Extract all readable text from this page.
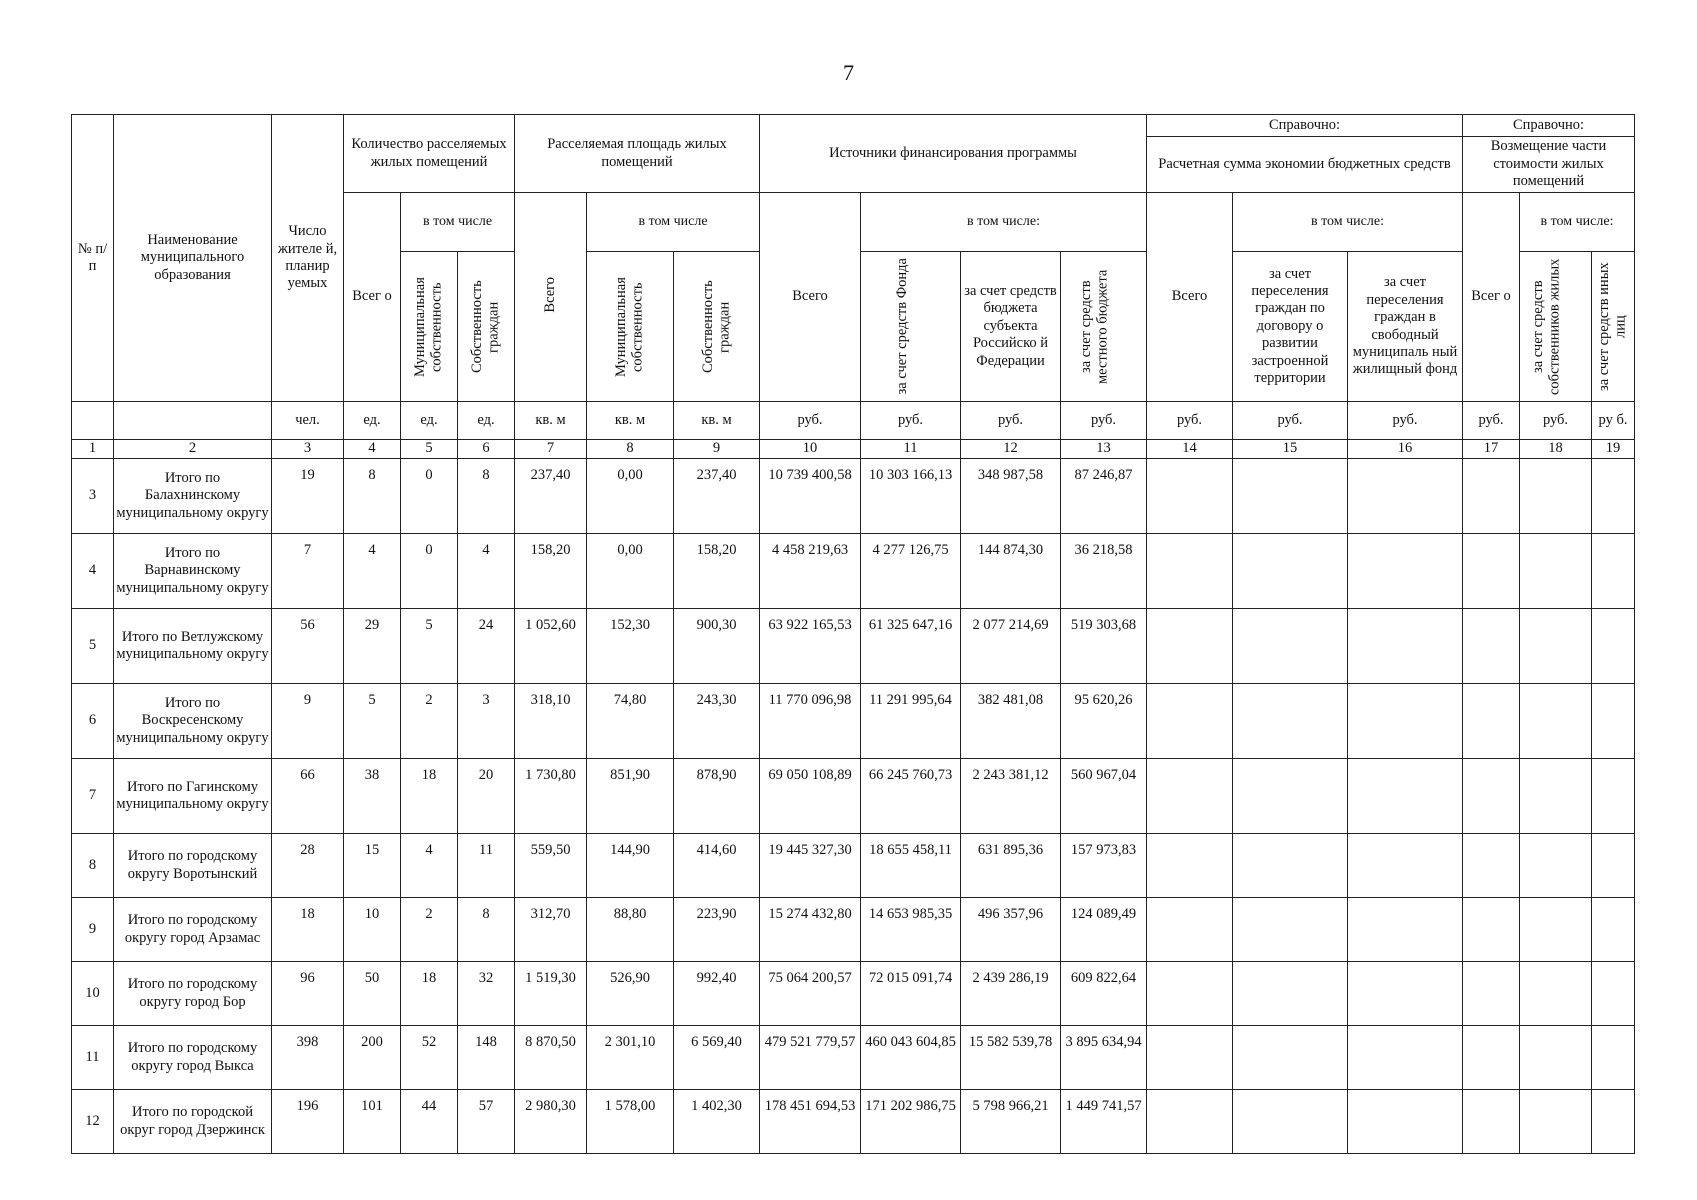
7
№ п/ п	Наименование муниципального образования	Число жителе й, планир уемых	Количество расселяемых жилых помещений			Расселяемая площадь жилых помещений			Источники финансирования программы				Справочно:			Справочно:		
													Расчетная сумма экономии бюджетных средств			Возмещение части стоимости жилых помещений		
			Всег о	в том числе		Всего	в том числе		Всего	в том числе:			Всего	в том числе:		Всег о	в том числе:	

				Муниципальная собственность	Собственность граждан		Муниципальная собственность	Собственность граждан		за счет средств Фонда	за счет средств бюджета субъекта Российско й Федерации	за счет средств местного бюджета		за счет переселения граждан по договору о развитии застроенной территории	за счет переселения граждан в свободный муниципаль ный жилищный фонд		за счет средств собственников жилых	за счет средств иных лиц

		чел.	ед.	ед.	ед.	кв. м	кв. м	кв. м	руб.	руб.	руб.	руб.	руб.	руб.	руб.	руб.	руб.	ру б.
1	2	3	4	5	6	7	8	9	10	11	12	13	14	15	16	17	18	19
3	Итого по Балахнинскому муниципальному округу	19	8	0	8	237,40	0,00	237,40	10 739 400,58	10 303 166,13	348 987,58	87 246,87						
4	Итого по Варнавинскому муниципальному округу	7	4	0	4	158,20	0,00	158,20	4 458 219,63	4 277 126,75	144 874,30	36 218,58						
5	Итого по Ветлужскому муниципальному округу	56	29	5	24	1 052,60	152,30	900,30	63 922 165,53	61 325 647,16	2 077 214,69	519 303,68						
6	Итого по Воскресенскому муниципальному округу	9	5	2	3	318,10	74,80	243,30	11 770 096,98	11 291 995,64	382 481,08	95 620,26						
7	Итого по Гагинскому муниципальному округу	66	38	18	20	1 730,80	851,90	878,90	69 050 108,89	66 245 760,73	2 243 381,12	560 967,04						
8	Итого по городскому округу Воротынский	28	15	4	11	559,50	144,90	414,60	19 445 327,30	18 655 458,11	631 895,36	157 973,83						
9	Итого по городскому округу город Арзамас	18	10	2	8	312,70	88,80	223,90	15 274 432,80	14 653 985,35	496 357,96	124 089,49						
10	Итого по городскому округу город Бор	96	50	18	32	1 519,30	526,90	992,40	75 064 200,57	72 015 091,74	2 439 286,19	609 822,64						
11	Итого по городскому округу город Выкса	398	200	52	148	8 870,50	2 301,10	6 569,40	479 521 779,57	460 043 604,85	15 582 539,78	3 895 634,94						
12	Итого по городской округ город Дзержинск	196	101	44	57	2 980,30	1 578,00	1 402,30	178 451 694,53	171 202 986,75	5 798 966,21	1 449 741,57						
